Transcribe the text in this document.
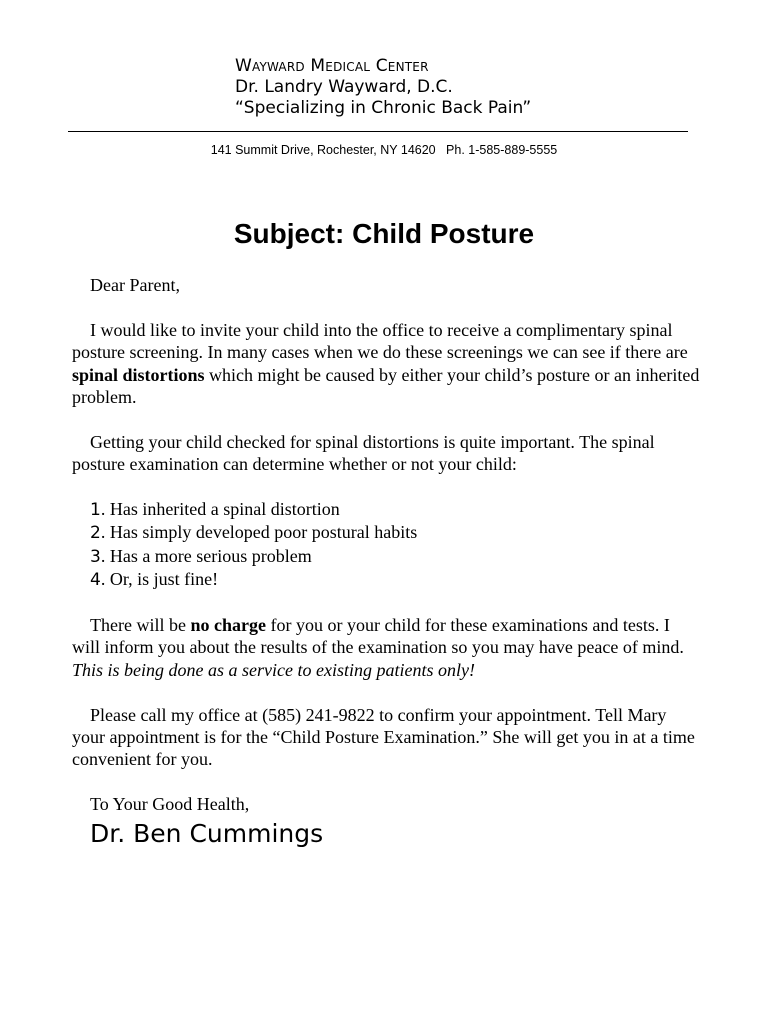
Wayward Medical Center
Dr. Landry Wayward, D.C.
“Specializing in Chronic Back Pain”
141 Summit Drive, Rochester, NY 14620   Ph. 1-585-889-5555
Subject: Child Posture

Dear Parent,

I would like to invite your child into the office to receive a complimentary spinal posture screening. In many cases when we do these screenings we can see if there are spinal distortions which might be caused by either your child’s posture or an inherited problem.

Getting your child checked for spinal distortions is quite important. The spinal posture examination can determine whether or not your child:

1. Has inherited a spinal distortion
2. Has simply developed poor postural habits
3. Has a more serious problem
4. Or, is just fine!

There will be no charge for you or your child for these examinations and tests. I will inform you about the results of the examination so you may have peace of mind. This is being done as a service to existing patients only!

Please call my office at (585) 241-9822 to confirm your appointment. Tell Mary your appointment is for the “Child Posture Examination.” She will get you in at a time convenient for you.

To Your Good Health,
Dr. Ben Cummings
